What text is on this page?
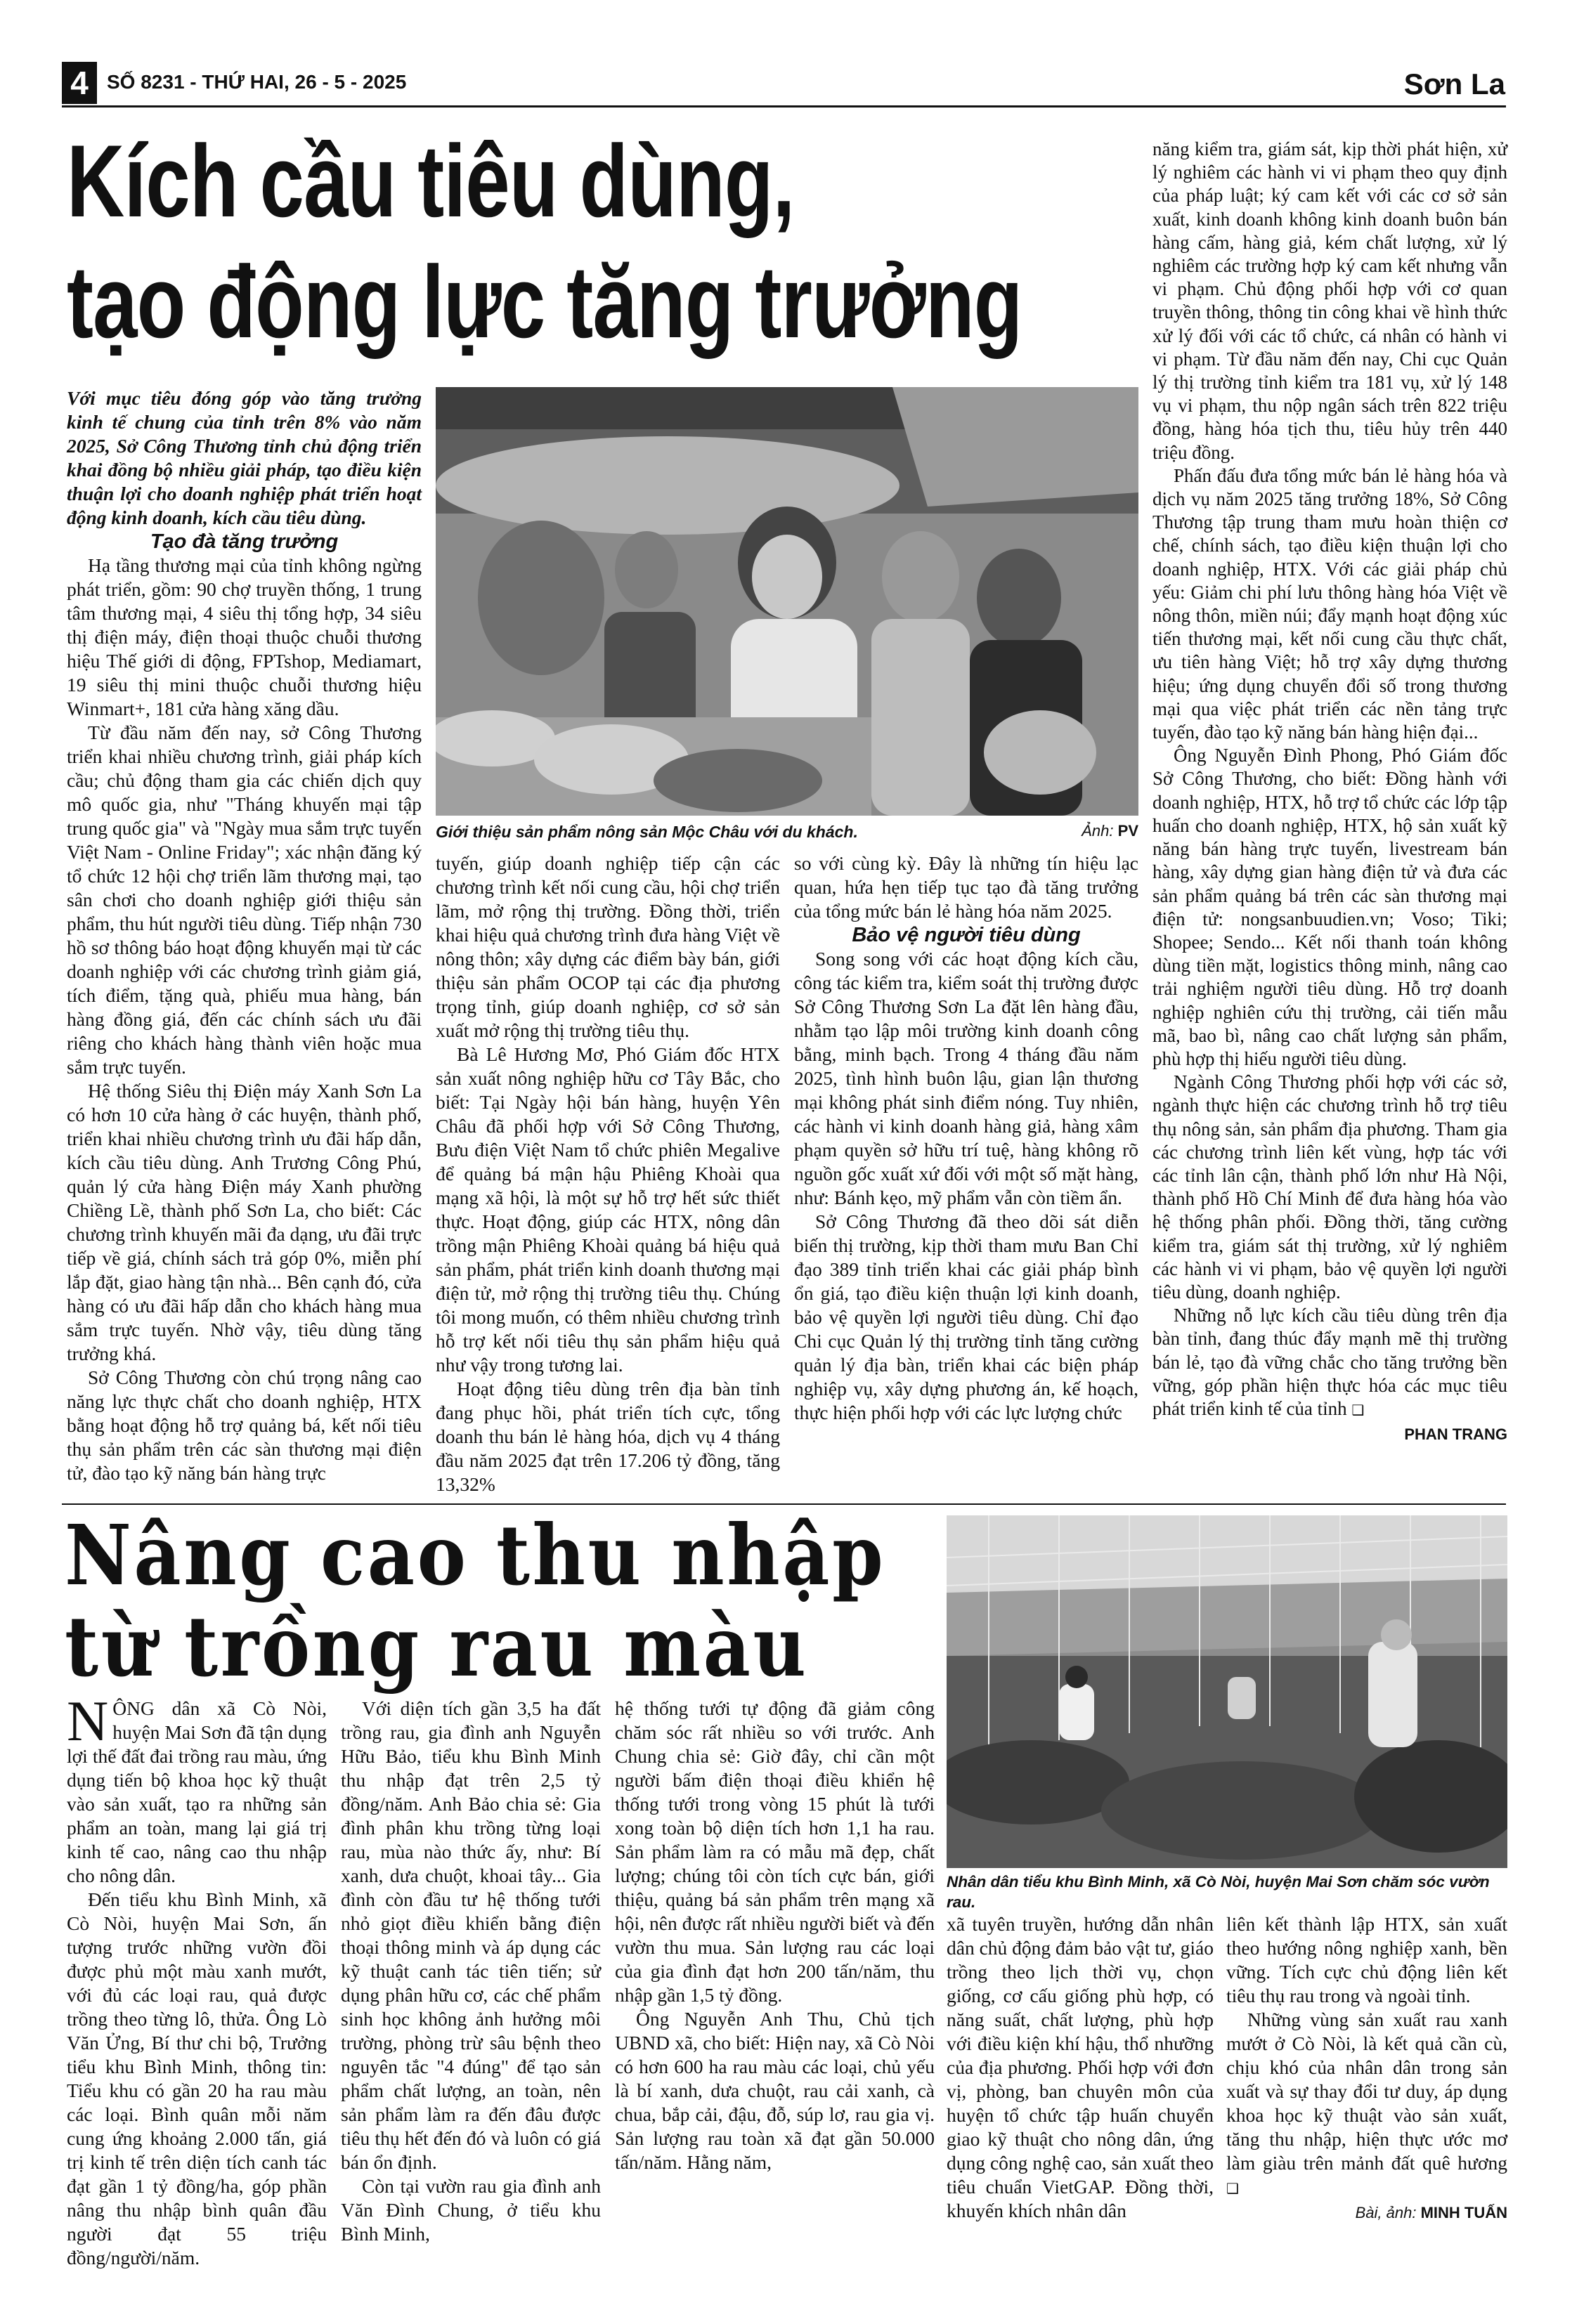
4 SỐ 8231 - THỨ HAI, 26 - 5 - 2025	Sơn La
Kích cầu tiêu dùng,
tạo động lực tăng trưởng
Giới thiệu sản phẩm nông sản Mộc Châu với du khách.	Ảnh: PV

Với mục tiêu đóng góp vào tăng trưởng kinh tế chung của tỉnh trên 8% vào năm 2025, Sở Công Thương tỉnh chủ động triển khai đồng bộ nhiều giải pháp, tạo điều kiện thuận lợi cho doanh nghiệp phát triển hoạt động kinh doanh, kích cầu tiêu dùng.

Tạo đà tăng trưởng

Hạ tầng thương mại của tỉnh không ngừng phát triển, gồm: 90 chợ truyền thống, 1 trung tâm thương mại, 4 siêu thị tổng hợp, 34 siêu thị điện máy, điện thoại thuộc chuỗi thương hiệu Thế giới di động, FPTshop, Mediamart, 19 siêu thị mini thuộc chuỗi thương hiệu Winmart+, 181 cửa hàng xăng dầu.

Từ đầu năm đến nay, sở Công Thương triển khai nhiều chương trình, giải pháp kích cầu; chủ động tham gia các chiến dịch quy mô quốc gia, như "Tháng khuyến mại tập trung quốc gia" và "Ngày mua sắm trực tuyến Việt Nam - Online Friday"; xác nhận đăng ký tổ chức 12 hội chợ triển lãm thương mại, tạo sân chơi cho doanh nghiệp giới thiệu sản phẩm, thu hút người tiêu dùng. Tiếp nhận 730 hồ sơ thông báo hoạt động khuyến mại từ các doanh nghiệp với các chương trình giảm giá, tích điểm, tặng quà, phiếu mua hàng, bán hàng đồng giá, đến các chính sách ưu đãi riêng cho khách hàng thành viên hoặc mua sắm trực tuyến.

Hệ thống Siêu thị Điện máy Xanh Sơn La có hơn 10 cửa hàng ở các huyện, thành phố, triển khai nhiều chương trình ưu đãi hấp dẫn, kích cầu tiêu dùng. Anh Trương Công Phú, quản lý cửa hàng Điện máy Xanh phường Chiềng Lề, thành phố Sơn La, cho biết: Các chương trình khuyến mãi đa dạng, ưu đãi trực tiếp về giá, chính sách trả góp 0%, miễn phí lắp đặt, giao hàng tận nhà... Bên cạnh đó, cửa hàng có ưu đãi hấp dẫn cho khách hàng mua sắm trực tuyến. Nhờ vậy, tiêu dùng tăng trưởng khá.

Sở Công Thương còn chú trọng nâng cao năng lực thực chất cho doanh nghiệp, HTX bằng hoạt động hỗ trợ quảng bá, kết nối tiêu thụ sản phẩm trên các sàn thương mại điện tử, đào tạo kỹ năng bán hàng trực

tuyến, giúp doanh nghiệp tiếp cận các chương trình kết nối cung cầu, hội chợ triển lãm, mở rộng thị trường. Đồng thời, triển khai hiệu quả chương trình đưa hàng Việt về nông thôn; xây dựng các điểm bày bán, giới thiệu sản phẩm OCOP tại các địa phương trọng tỉnh, giúp doanh nghiệp, cơ sở sản xuất mở rộng thị trường tiêu thụ.

Bà Lê Hương Mơ, Phó Giám đốc HTX sản xuất nông nghiệp hữu cơ Tây Bắc, cho biết: Tại Ngày hội bán hàng, huyện Yên Châu đã phối hợp với Sở Công Thương, Bưu điện Việt Nam tổ chức phiên Megalive để quảng bá mận hậu Phiêng Khoài qua mạng xã hội, là một sự hỗ trợ hết sức thiết thực. Hoạt động, giúp các HTX, nông dân trồng mận Phiêng Khoài quảng bá hiệu quả sản phẩm, phát triển kinh doanh thương mại điện tử, mở rộng thị trường tiêu thụ. Chúng tôi mong muốn, có thêm nhiều chương trình hỗ trợ kết nối tiêu thụ sản phẩm hiệu quả như vậy trong tương lai.

Hoạt động tiêu dùng trên địa bàn tỉnh đang phục hồi, phát triển tích cực, tổng doanh thu bán lẻ hàng hóa, dịch vụ 4 tháng đầu năm 2025 đạt trên 17.206 tỷ đồng, tăng 13,32%

so với cùng kỳ. Đây là những tín hiệu lạc quan, hứa hẹn tiếp tục tạo đà tăng trưởng của tổng mức bán lẻ hàng hóa năm 2025.

Bảo vệ người tiêu dùng

Song song với các hoạt động kích cầu, công tác kiểm tra, kiểm soát thị trường được Sở Công Thương Sơn La đặt lên hàng đầu, nhằm tạo lập môi trường kinh doanh công bằng, minh bạch. Trong 4 tháng đầu năm 2025, tình hình buôn lậu, gian lận thương mại không phát sinh điểm nóng. Tuy nhiên, các hành vi kinh doanh hàng giả, hàng xâm phạm quyền sở hữu trí tuệ, hàng không rõ nguồn gốc xuất xứ đối với một số mặt hàng, như: Bánh kẹo, mỹ phẩm vẫn còn tiềm ẩn.

Sở Công Thương đã theo dõi sát diễn biến thị trường, kịp thời tham mưu Ban Chỉ đạo 389 tỉnh triển khai các giải pháp bình ổn giá, tạo điều kiện thuận lợi kinh doanh, bảo vệ quyền lợi người tiêu dùng. Chỉ đạo Chi cục Quản lý thị trường tỉnh tăng cường quản lý địa bàn, triển khai các biện pháp nghiệp vụ, xây dựng phương án, kế hoạch, thực hiện phối hợp với các lực lượng chức

năng kiểm tra, giám sát, kịp thời phát hiện, xử lý nghiêm các hành vi vi phạm theo quy định của pháp luật; ký cam kết với các cơ sở sản xuất, kinh doanh không kinh doanh buôn bán hàng cấm, hàng giả, kém chất lượng, xử lý nghiêm các trường hợp ký cam kết nhưng vẫn vi phạm. Chủ động phối hợp với cơ quan truyền thông, thông tin công khai về hình thức xử lý đối với các tổ chức, cá nhân có hành vi vi phạm. Từ đầu năm đến nay, Chi cục Quản lý thị trường tỉnh kiểm tra 181 vụ, xử lý 148 vụ vi phạm, thu nộp ngân sách trên 822 triệu đồng, hàng hóa tịch thu, tiêu hủy trên 440 triệu đồng.

Phấn đấu đưa tổng mức bán lẻ hàng hóa và dịch vụ năm 2025 tăng trưởng 18%, Sở Công Thương tập trung tham mưu hoàn thiện cơ chế, chính sách, tạo điều kiện thuận lợi cho doanh nghiệp, HTX. Với các giải pháp chủ yếu: Giảm chi phí lưu thông hàng hóa Việt về nông thôn, miền núi; đẩy mạnh hoạt động xúc tiến thương mại, kết nối cung cầu thực chất, ưu tiên hàng Việt; hỗ trợ xây dựng thương hiệu; ứng dụng chuyển đổi số trong thương mại qua việc phát triển các nền tảng trực tuyến, đào tạo kỹ năng bán hàng hiện đại...

Ông Nguyễn Đình Phong, Phó Giám đốc Sở Công Thương, cho biết: Đồng hành với doanh nghiệp, HTX, hỗ trợ tổ chức các lớp tập huấn cho doanh nghiệp, HTX, hộ sản xuất kỹ năng bán hàng trực tuyến, livestream bán hàng, xây dựng gian hàng điện tử và đưa các sản phẩm quảng bá trên các sàn thương mại điện tử: nongsanbuudien.vn; Voso; Tiki; Shopee; Sendo... Kết nối thanh toán không dùng tiền mặt, logistics thông minh, nâng cao trải nghiệm người tiêu dùng. Hỗ trợ doanh nghiệp nghiên cứu thị trường, cải tiến mẫu mã, bao bì, nâng cao chất lượng sản phẩm, phù hợp thị hiếu người tiêu dùng.

Ngành Công Thương phối hợp với các sở, ngành thực hiện các chương trình hỗ trợ tiêu thụ nông sản, sản phẩm địa phương. Tham gia các chương trình liên kết vùng, hợp tác với các tỉnh lân cận, thành phố lớn như Hà Nội, thành phố Hồ Chí Minh để đưa hàng hóa vào hệ thống phân phối. Đồng thời, tăng cường kiểm tra, giám sát thị trường, xử lý nghiêm các hành vi vi phạm, bảo vệ quyền lợi người tiêu dùng, doanh nghiệp.

Những nỗ lực kích cầu tiêu dùng trên địa bàn tỉnh, đang thúc đẩy mạnh mẽ thị trường bán lẻ, tạo đà vững chắc cho tăng trưởng bền vững, góp phần hiện thực hóa các mục tiêu phát triển kinh tế của tỉnh ❑

PHAN TRANG

Nâng cao thu nhập
từ trồng rau màu
Nhân dân tiểu khu Bình Minh, xã Cò Nòi, huyện Mai Sơn chăm sóc vườn rau.

NÔNG dân xã Cò Nòi, huyện Mai Sơn đã tận dụng lợi thế đất đai trồng rau màu, ứng dụng tiến bộ khoa học kỹ thuật vào sản xuất, tạo ra những sản phẩm an toàn, mang lại giá trị kinh tế cao, nâng cao thu nhập cho nông dân.

Đến tiểu khu Bình Minh, xã Cò Nòi, huyện Mai Sơn, ấn tượng trước những vườn đồi được phủ một màu xanh mướt, với đủ các loại rau, quả được trồng theo từng lô, thửa. Ông Lò Văn Ửng, Bí thư chi bộ, Trưởng tiểu khu Bình Minh, thông tin: Tiểu khu có gần 20 ha rau màu các loại. Bình quân mỗi năm cung ứng khoảng 2.000 tấn, giá trị kinh tế trên diện tích canh tác đạt gần 1 tỷ đồng/ha, góp phần nâng thu nhập bình quân đầu người đạt 55 triệu đồng/người/năm.

Với diện tích gần 3,5 ha đất trồng rau, gia đình anh Nguyễn Hữu Bảo, tiểu khu Bình Minh thu nhập đạt trên 2,5 tỷ đồng/năm. Anh Bảo chia sẻ: Gia đình phân khu trồng từng loại rau, mùa nào thức ấy, như: Bí xanh, dưa chuột, khoai tây... Gia đình còn đầu tư hệ thống tưới nhỏ giọt điều khiển bằng điện thoại thông minh và áp dụng các kỹ thuật canh tác tiên tiến; sử dụng phân hữu cơ, các chế phẩm sinh học không ảnh hưởng môi trường, phòng trừ sâu bệnh theo nguyên tắc "4 đúng" để tạo sản phẩm chất lượng, an toàn, nên sản phẩm làm ra đến đâu được tiêu thụ hết đến đó và luôn có giá bán ổn định.

Còn tại vườn rau gia đình anh Văn Đình Chung, ở tiểu khu Bình Minh,

hệ thống tưới tự động đã giảm công chăm sóc rất nhiều so với trước. Anh Chung chia sẻ: Giờ đây, chỉ cần một người bấm điện thoại điều khiển hệ thống tưới trong vòng 15 phút là tưới xong toàn bộ diện tích hơn 1,1 ha rau. Sản phẩm làm ra có mẫu mã đẹp, chất lượng; chúng tôi còn tích cực bán, giới thiệu, quảng bá sản phẩm trên mạng xã hội, nên được rất nhiều người biết và đến vườn thu mua. Sản lượng rau các loại của gia đình đạt hơn 200 tấn/năm, thu nhập gần 1,5 tỷ đồng.

Ông Nguyễn Anh Thu, Chủ tịch UBND xã, cho biết: Hiện nay, xã Cò Nòi có hơn 600 ha rau màu các loại, chủ yếu là bí xanh, dưa chuột, rau cải xanh, cà chua, bắp cải, đậu, đỗ, súp lơ, rau gia vị. Sản lượng rau toàn xã đạt gần 50.000 tấn/năm. Hằng năm,

xã tuyên truyền, hướng dẫn nhân dân chủ động đảm bảo vật tư, giáo trồng theo lịch thời vụ, chọn giống, cơ cấu giống phù hợp, có năng suất, chất lượng, phù hợp với điều kiện khí hậu, thổ nhưỡng của địa phương. Phối hợp với đơn vị, phòng, ban chuyên môn của huyện tổ chức tập huấn chuyển giao kỹ thuật cho nông dân, ứng dụng công nghệ cao, sản xuất theo tiêu chuẩn VietGAP. Đồng thời, khuyến khích nhân dân

liên kết thành lập HTX, sản xuất theo hướng nông nghiệp xanh, bền vững. Tích cực chủ động liên kết tiêu thụ rau trong và ngoài tỉnh.

Những vùng sản xuất rau xanh mướt ở Cò Nòi, là kết quả cần cù, chịu khó của nhân dân trong sản xuất và sự thay đổi tư duy, áp dụng khoa học kỹ thuật vào sản xuất, tăng thu nhập, hiện thực ước mơ làm giàu trên mảnh đất quê hương ❑

Bài, ảnh: MINH TUẤN
